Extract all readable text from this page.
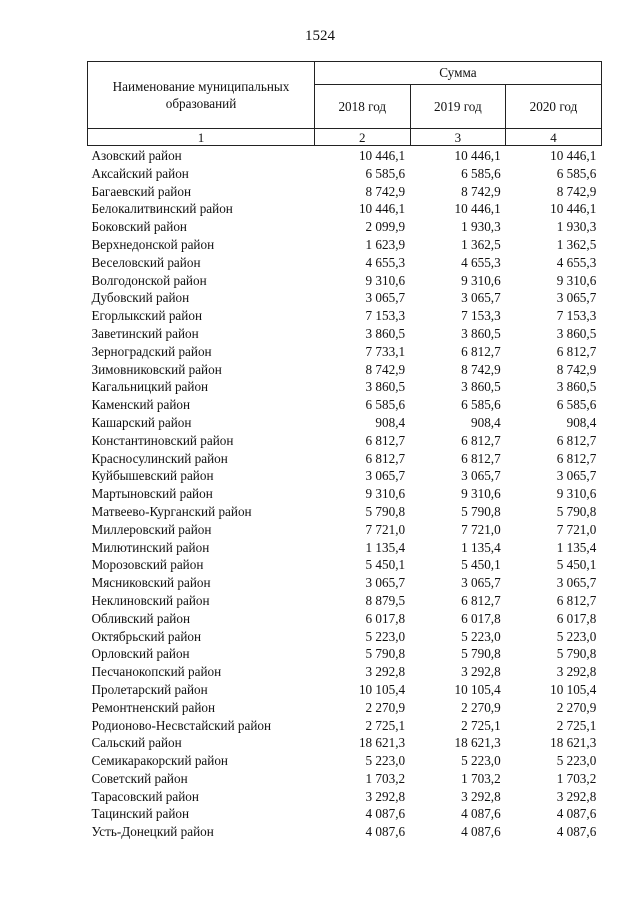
1524
Наименование муниципальных образований	Сумма		
	2018 год	2019 год	2020 год
1	2	3	4
Азовский район	10 446,1	10 446,1	10 446,1
Аксайский район	6 585,6	6 585,6	6 585,6
Багаевский район	8 742,9	8 742,9	8 742,9
Белокалитвинский район	10 446,1	10 446,1	10 446,1
Боковский район	2 099,9	1 930,3	1 930,3
Верхнедонской район	1 623,9	1 362,5	1 362,5
Веселовский район	4 655,3	4 655,3	4 655,3
Волгодонской район	9 310,6	9 310,6	9 310,6
Дубовский район	3 065,7	3 065,7	3 065,7
Егорлыкский район	7 153,3	7 153,3	7 153,3
Заветинский район	3 860,5	3 860,5	3 860,5
Зерноградский район	7 733,1	6 812,7	6 812,7
Зимовниковский район	8 742,9	8 742,9	8 742,9
Кагальницкий район	3 860,5	3 860,5	3 860,5
Каменский район	6 585,6	6 585,6	6 585,6
Кашарский район	908,4	908,4	908,4
Константиновский район	6 812,7	6 812,7	6 812,7
Красносулинский район	6 812,7	6 812,7	6 812,7
Куйбышевский район	3 065,7	3 065,7	3 065,7
Мартыновский район	9 310,6	9 310,6	9 310,6
Матвеево-Курганский район	5 790,8	5 790,8	5 790,8
Миллеровский район	7 721,0	7 721,0	7 721,0
Милютинский район	1 135,4	1 135,4	1 135,4
Морозовский район	5 450,1	5 450,1	5 450,1
Мясниковский район	3 065,7	3 065,7	3 065,7
Неклиновский район	8 879,5	6 812,7	6 812,7
Обливский район	6 017,8	6 017,8	6 017,8
Октябрьский район	5 223,0	5 223,0	5 223,0
Орловский район	5 790,8	5 790,8	5 790,8
Песчанокопский район	3 292,8	3 292,8	3 292,8
Пролетарский район	10 105,4	10 105,4	10 105,4
Ремонтненский район	2 270,9	2 270,9	2 270,9
Родионово-Несвстайский район	2 725,1	2 725,1	2 725,1
Сальский район	18 621,3	18 621,3	18 621,3
Семикаракорский район	5 223,0	5 223,0	5 223,0
Советский район	1 703,2	1 703,2	1 703,2
Тарасовский район	3 292,8	3 292,8	3 292,8
Тацинский район	4 087,6	4 087,6	4 087,6
Усть-Донецкий район	4 087,6	4 087,6	4 087,6
